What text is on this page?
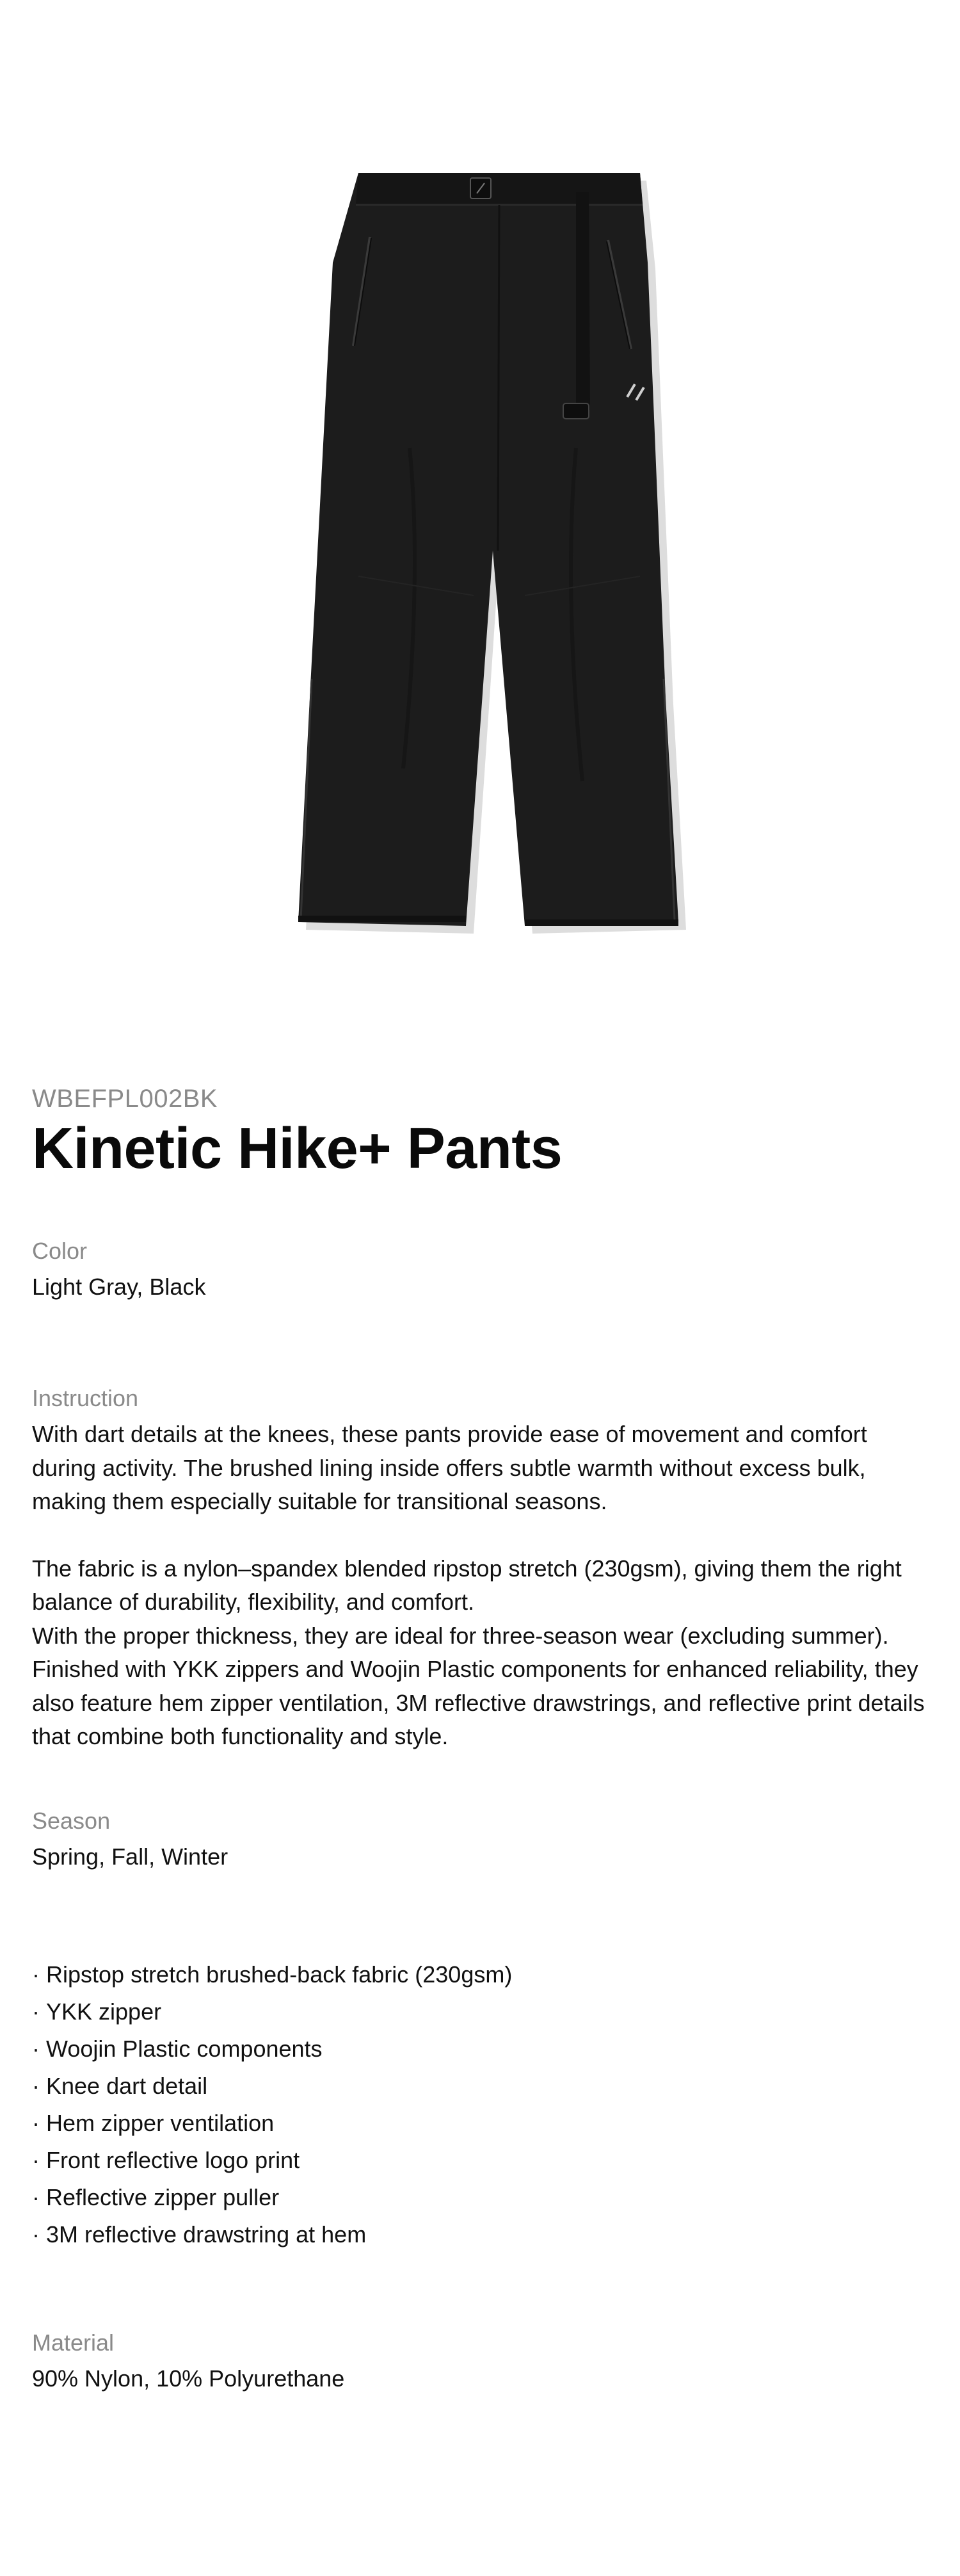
WBEFPL002BK

Kinetic Hike+ Pants

Color

Light Gray, Black

Instruction

With dart details at the knees, these pants provide ease of movement and comfort during activity. The brushed lining inside offers subtle warmth without excess bulk, making them especially suitable for transitional seasons.

The fabric is a nylon–spandex blended ripstop stretch (230gsm), giving them the right balance of durability, flexibility, and comfort.

With the proper thickness, they are ideal for three-season wear (excluding summer). Finished with YKK zippers and Woojin Plastic components for enhanced reliability, they also feature hem zipper ventilation, 3M reflective drawstrings, and reflective print details that combine both functionality and style.

Season

Spring, Fall, Winter

· Ripstop stretch brushed-back fabric (230gsm)
· YKK zipper
· Woojin Plastic components
· Knee dart detail
· Hem zipper ventilation
· Front reflective logo print
· Reflective zipper puller
· 3M reflective drawstring at hem

Material

90% Nylon, 10% Polyurethane
